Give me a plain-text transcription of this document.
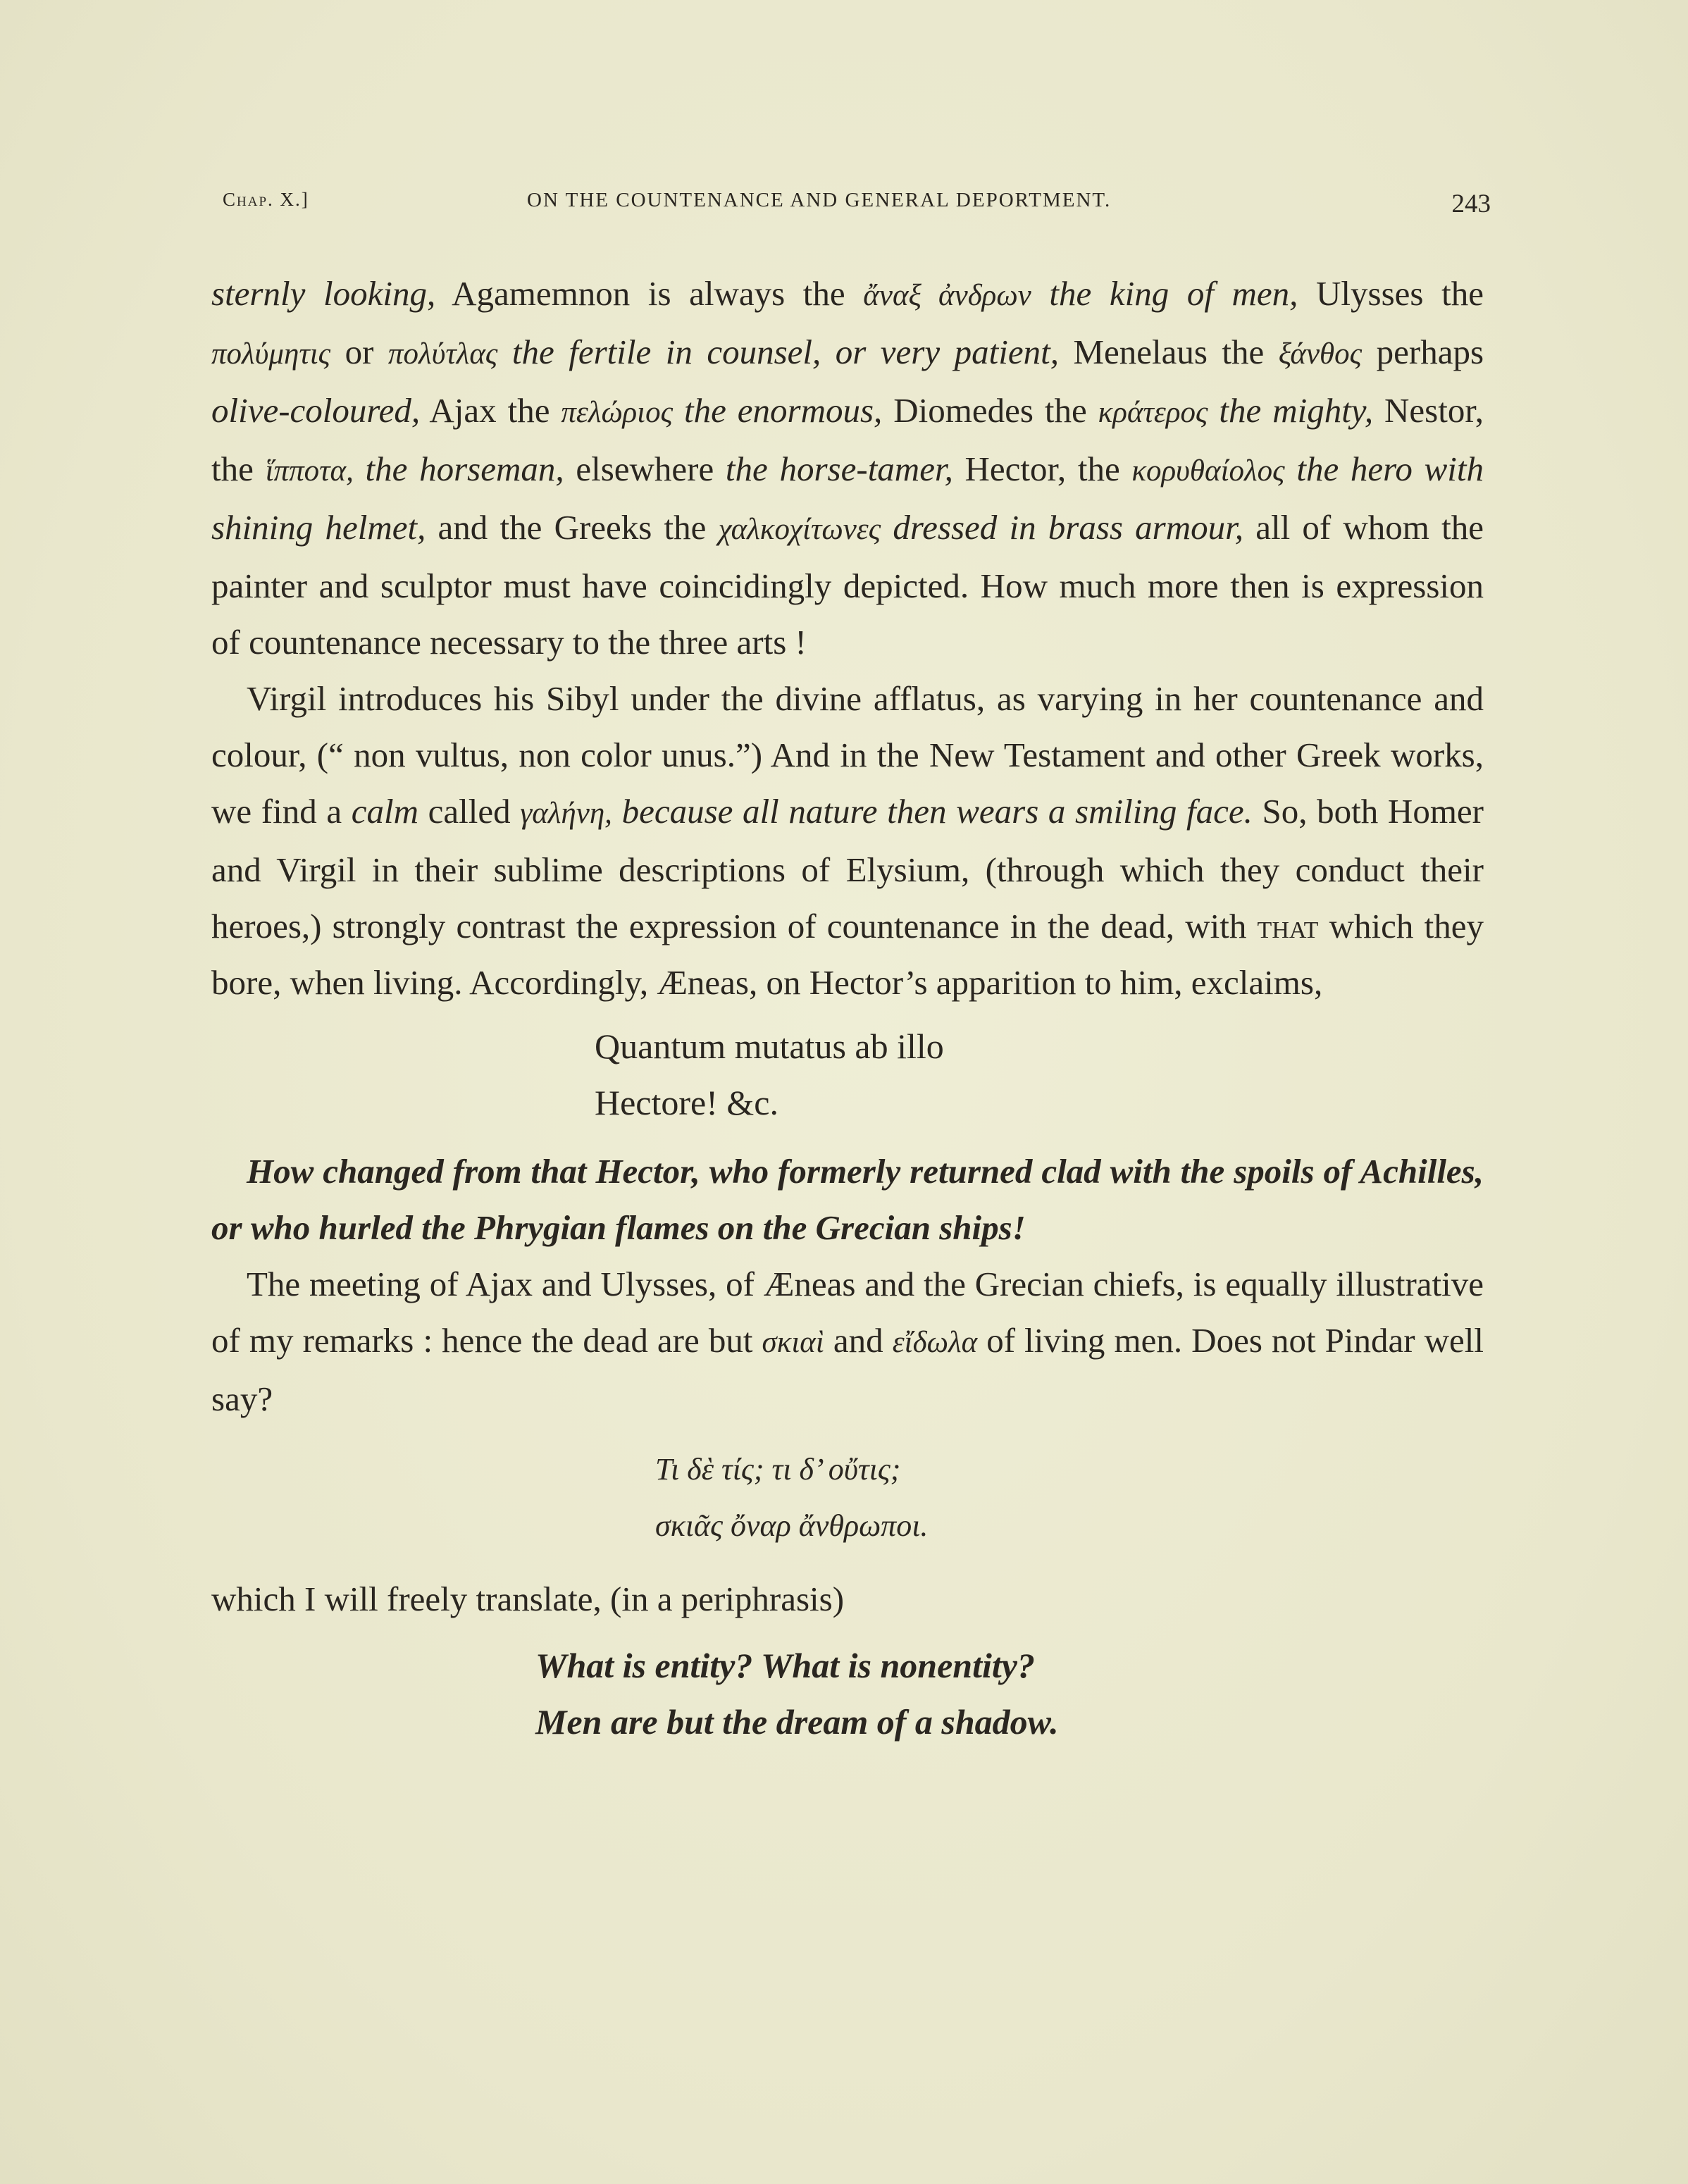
Chap. X.]	ON THE COUNTENANCE AND GENERAL DEPORTMENT.	243

sternly looking, Agamemnon is always the ἄναξ ἀνδρων the king of men, Ulysses the πολύμητις or πολύτλας the fertile in counsel, or very patient, Menelaus the ξάνθος perhaps olive-coloured, Ajax the πελώριος the enormous, Diomedes the κράτερος the mighty, Nestor, the ἵπποτα, the horseman, elsewhere the horse-tamer, Hector, the κορυθαίολος the hero with shining helmet, and the Greeks the χαλκοχίτωνες dressed in brass armour, all of whom the painter and sculptor must have coincidingly depicted. How much more then is expression of countenance necessary to the three arts !

Virgil introduces his Sibyl under the divine afflatus, as varying in her countenance and colour, (“ non vultus, non color unus.”) And in the New Testament and other Greek works, we find a calm called γαλήνη, because all nature then wears a smiling face. So, both Homer and Virgil in their sublime descriptions of Elysium, (through which they conduct their heroes,) strongly contrast the expression of countenance in the dead, with that which they bore, when living. Accordingly, Æneas, on Hector’s apparition to him, exclaims,

Quantum mutatus ab illo
Hectore! &c.

How changed from that Hector, who formerly returned clad with the spoils of Achilles, or who hurled the Phrygian flames on the Grecian ships!

The meeting of Ajax and Ulysses, of Æneas and the Grecian chiefs, is equally illustrative of my remarks : hence the dead are but σκιαὶ and εἴδωλα of living men. Does not Pindar well say?

Τι δὲ τίς; τι δ’ οὔτις;
σκιᾶς ὄναρ ἄνθρωποι.

which I will freely translate, (in a periphrasis)

What is entity? What is nonentity?
Men are but the dream of a shadow.
